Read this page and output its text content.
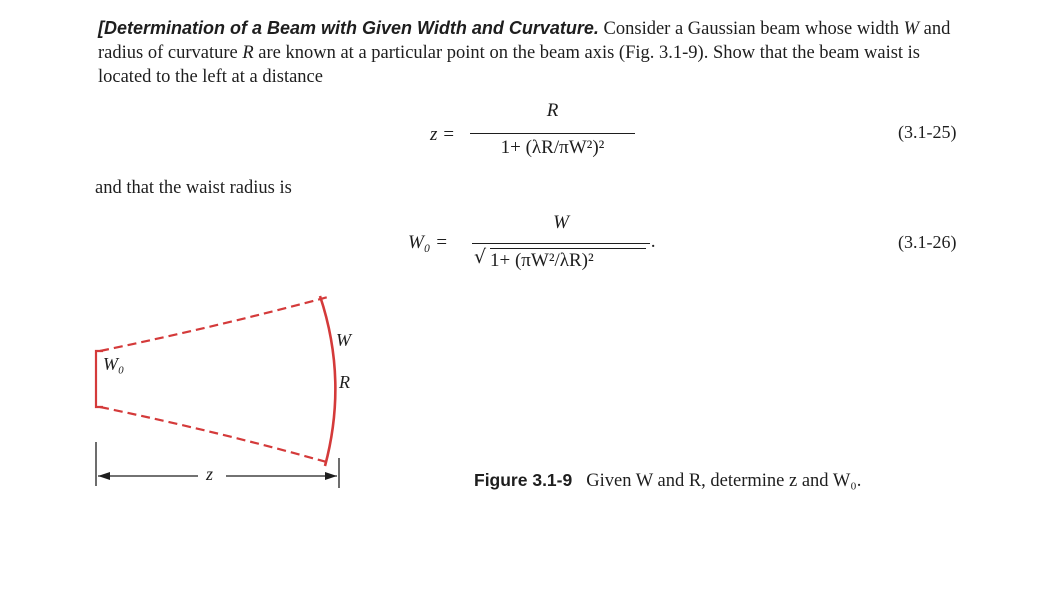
[Determination of a Beam with Given Width and Curvature. Consider a Gaussian beam whose width W and radius of curvature R are known at a particular point on the beam axis (Fig. 3.1-9). Show that the beam waist is located to the left at a distance
z =
R
1+ (λR/πW²)²
(3.1-25)
and that the waist radius is
W₀ =
W
√ 1+ (πW²/λR)²
·	(3.1-26)
W₀
W
R
z	Figure 3.1-9 Given W and R, determine z and W₀.
